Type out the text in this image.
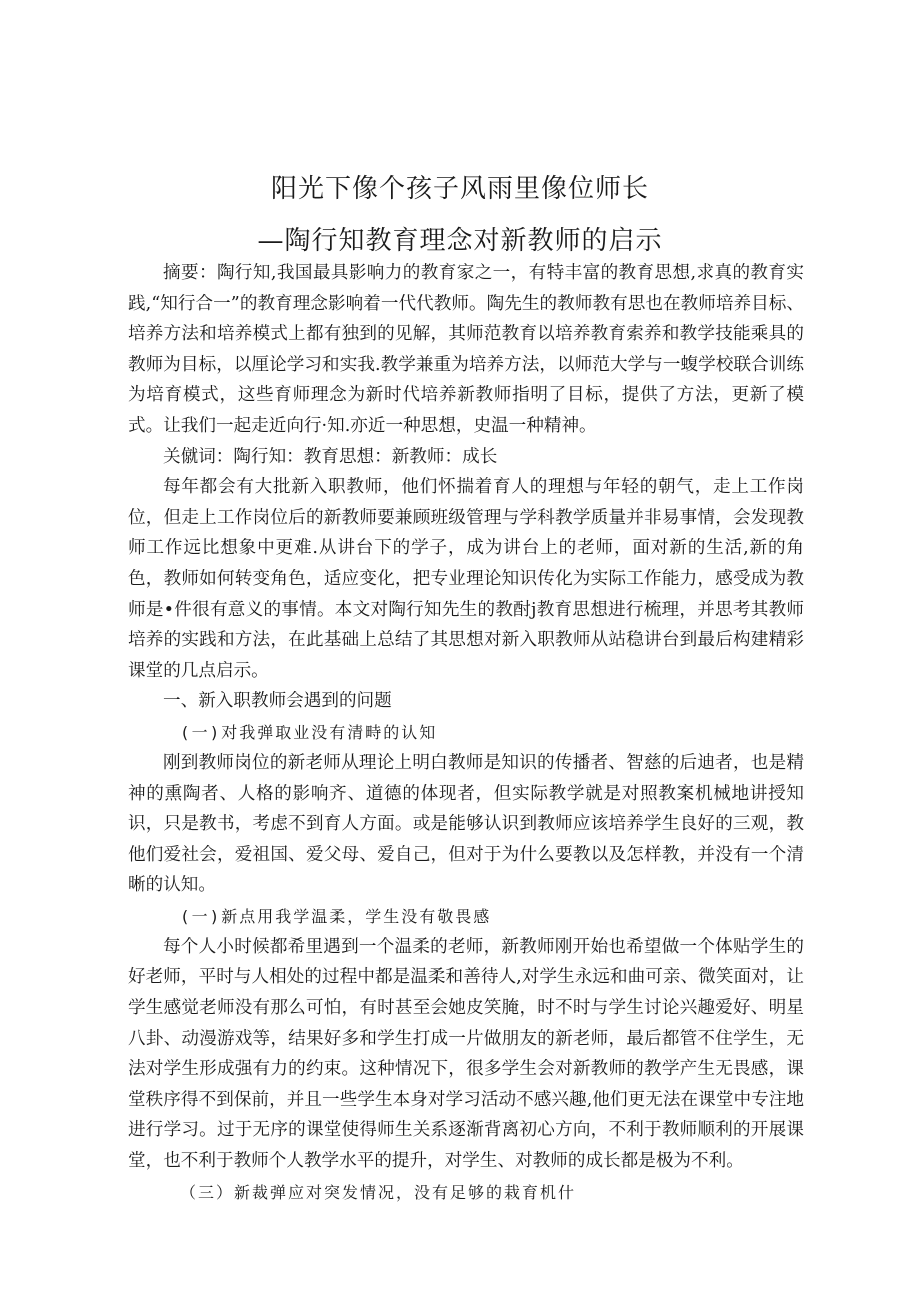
阳光下像个孩子风雨里像位师长
—陶行知教育理念对新教师的启示

摘要：陶行知,我国最具影响力的教育家之一，有特丰富的教育思想,求真的教育实践,“知行合一”的教育理念影响着一代代教师。陶先生的教师教有思也在教师培养目标、培养方法和培养模式上都有独到的见解，其师范教育以培养教育索养和教学技能乘具的教师为目标，以厘论学习和实我.教学兼重为培养方法，以师范大学与一蝮学校联合训练为培育模式，这些育师理念为新时代培养新教师指明了目标，提供了方法，更新了模式。让我们一起走近向行·知.亦近一种思想，史温一种精神。

关僦词：陶行知：教育思想：新教师：成长

每年都会有大批新入职教师，他们怀揣着育人的理想与年轻的朝气，走上工作岗位，但走上工作岗位后的新教师要兼顾班级管理与学科教学质量并非易事情，会发现教师工作远比想象中更难.从讲台下的学子，成为讲台上的老师，面对新的生活,新的角色，教师如何转变角色，适应变化，把专业理论知识传化为实际工作能力，感受成为教师是•件很有意义的事情。本文对陶行知先生的教酎j教育思想进行梳理，并思考其教师培养的实践和方法，在此基础上总结了其思想对新入职教师从站稳讲台到最后构建精彩课堂的几点启示。

一、新入职教师会遇到的问题

(一)对我弹取业没有清畤的认知

刚到教师岗位的新老师从理论上明白教师是知识的传播者、智慈的后迪者，也是精神的熏陶者、人格的影响齐、道德的体现者，但实际教学就是对照教案机械地讲授知识，只是教书，考虑不到育人方面。或是能够认识到教师应该培养学生良好的三观，教他们爱社会，爱祖国、爱父母、爱自己，但对于为什么要教以及怎样教，并没有一个清晰的认知。

(一)新点用我学温柔，学生没有敬畏感

每个人小时候都希里遇到一个温柔的老师，新教师刚开始也希望做一个体贴学生的好老师，平时与人相处的过程中都是温柔和善待人,对学生永远和曲可亲、微笑面对，让学生感觉老师没有那么可怕，有时甚至会她皮笑腌，时不时与学生讨论兴趣爱好、明星八卦、动漫游戏等，结果好多和学生打成一片做朋友的新老师，最后都管不住学生，无法对学生形成强有力的约束。这种情况下，很多学生会对新教师的教学产生无畏感，课堂秩序得不到保前，并且一些学生本身对学习活动不感兴趣,他们更无法在课堂中专注地进行学习。过于无序的课堂使得师生关系逐渐背离初心方向，不利于教师顺利的开展课堂，也不利于教师个人教学水平的提升，对学生、对教师的成长都是极为不利。

（三）新裁弹应对突发情况，没有足够的栽育机什
